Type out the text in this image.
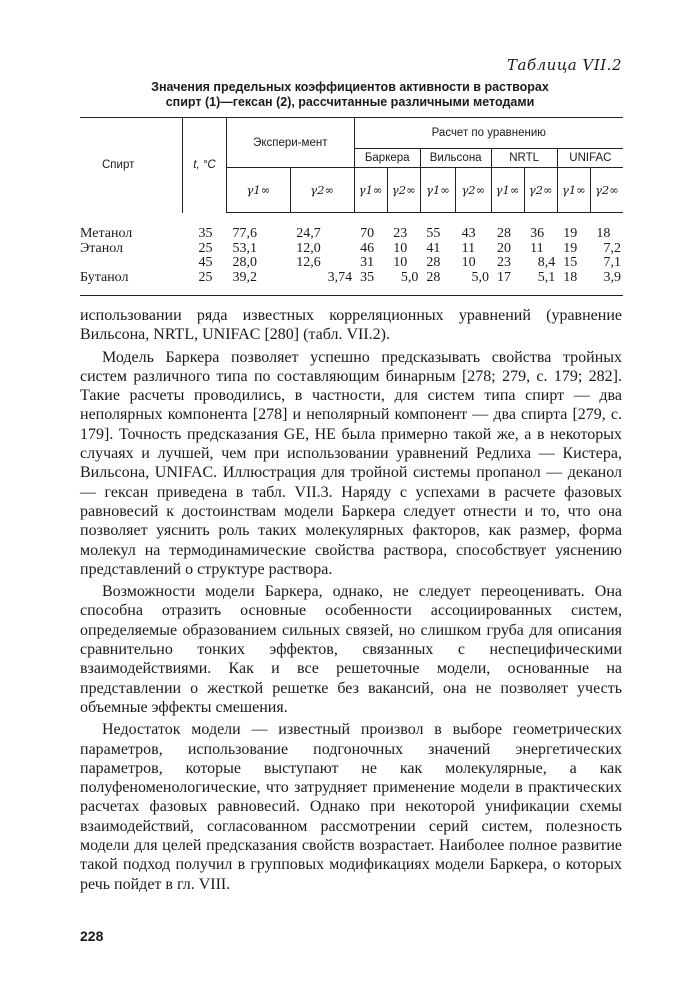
Таблица VII.2
Значения предельных коэффициентов активности в растворах
спирт (1)—гексан (2), рассчитанные различными методами
Спирт	t, °C	Экспери-мент		Расчет по уравнению							
				Баркера		Вильсона		NRTL		UNIFAC	
		γ1∞	γ2∞	γ1∞	γ2∞	γ1∞	γ2∞	γ1∞	γ2∞	γ1∞	γ2∞
Метанол	35	77,6	24,7	70	23	55	43	28	36	19	18
Этанол	25	53,1	12,0	46	10	41	11	20	11	19	7,2
	45	28,0	12,6	31	10	28	10	23	8,4	15	7,1
Бутанол	25	39,2	3,74	35	5,0	28	5,0	17	5,1	18	3,9

использовании ряда известных корреляционных уравнений (уравнение Вильсона, NRTL, UNIFAC [280] (табл. VII.2).

Модель Баркера позволяет успешно предсказывать свойства тройных систем различного типа по составляющим бинарным [278; 279, с. 179; 282]. Такие расчеты проводились, в частности, для систем типа спирт — два неполярных компонента [278] и неполярный компонент — два спирта [279, с. 179]. Точность предсказания GE, HE была примерно такой же, а в некоторых случаях и лучшей, чем при использовании уравнений Редлиха — Кистера, Вильсона, UNIFAC. Иллюстрация для тройной системы пропанол — деканол — гексан приведена в табл. VII.3. Наряду с успехами в расчете фазовых равновесий к достоинствам модели Баркера следует отнести и то, что она позволяет уяснить роль таких молекулярных факторов, как размер, форма молекул на термодинамические свойства раствора, способствует уяснению представлений о структуре раствора.

Возможности модели Баркера, однако, не следует переоценивать. Она способна отразить основные особенности ассоциированных систем, определяемые образованием сильных связей, но слишком груба для описания сравнительно тонких эффектов, связанных с неспецифическими взаимодействиями. Как и все решеточные модели, основанные на представлении о жесткой решетке без вакансий, она не позволяет учесть объемные эффекты смешения.

Недостаток модели — известный произвол в выборе геометрических параметров, использование подгоночных значений энергетических параметров, которые выступают не как молекулярные, а как полуфеноменологические, что затрудняет применение модели в практических расчетах фазовых равновесий. Однако при некоторой унификации схемы взаимодействий, согласованном рассмотрении серий систем, полезность модели для целей предсказания свойств возрастает. Наиболее полное развитие такой подход получил в групповых модификациях модели Баркера, о которых речь пойдет в гл. VIII.

228
